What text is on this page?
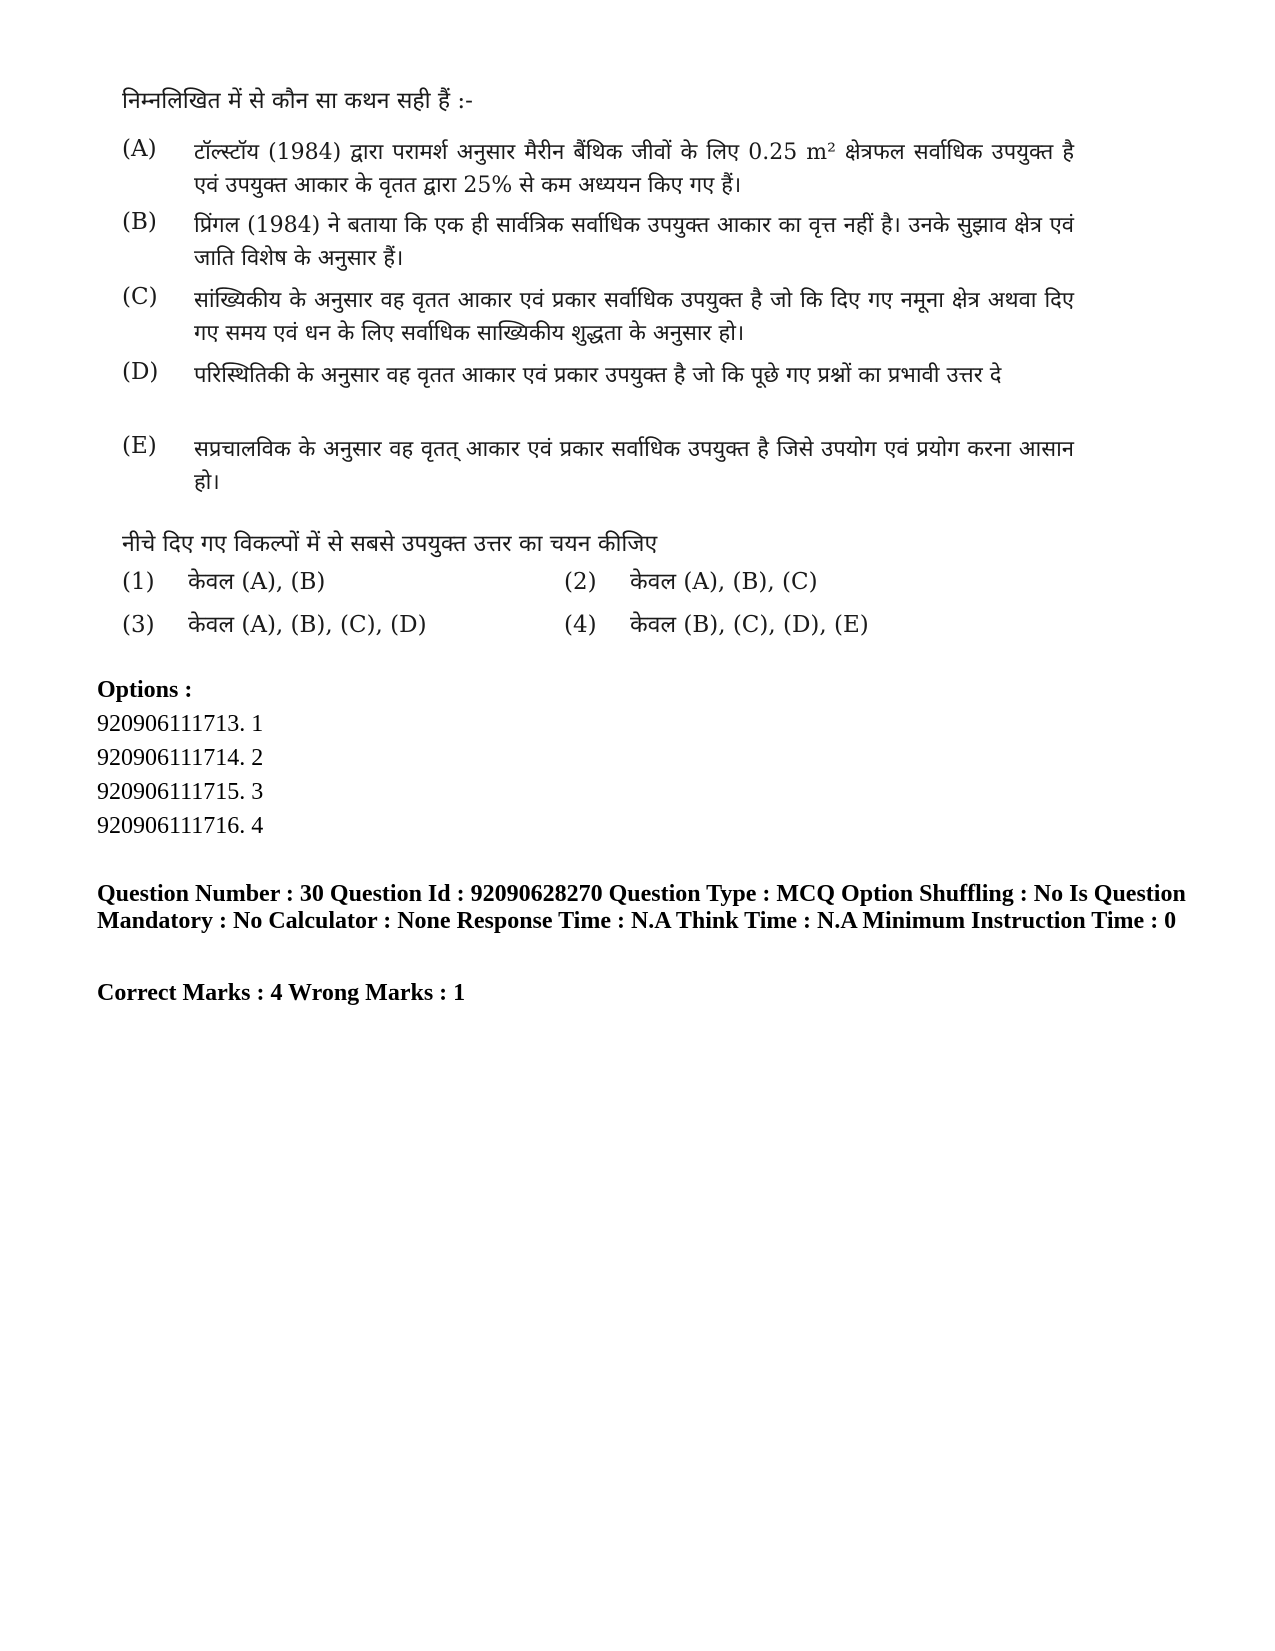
निम्नलिखित में से कौन सा कथन सही हैं :-
(A) टॉल्स्टॉय (1984) द्वारा परामर्श अनुसार मैरीन बैंथिक जीवों के लिए 0.25 m² क्षेत्रफल सर्वाधिक उपयुक्त है एवं उपयुक्त आकार के वृतत द्वारा 25% से कम अध्ययन किए गए हैं।
(B) प्रिंगल (1984) ने बताया कि एक ही सार्वत्रिक सर्वाधिक उपयुक्त आकार का वृत्त नहीं है। उनके सुझाव क्षेत्र एवं जाति विशेष के अनुसार हैं।
(C) सांख्यिकीय के अनुसार वह वृतत आकार एवं प्रकार सर्वाधिक उपयुक्त है जो कि दिए गए नमूना क्षेत्र अथवा दिए गए समय एवं धन के लिए सर्वाधिक साख्यिकीय शुद्धता के अनुसार हो।
(D) परिस्थितिकी के अनुसार वह वृतत आकार एवं प्रकार उपयुक्त है जो कि पूछे गए प्रश्नों का प्रभावी उत्तर दे
(E) सप्रचालविक के अनुसार वह वृतत् आकार एवं प्रकार सर्वाधिक उपयुक्त है जिसे उपयोग एवं प्रयोग करना आसान हो।
नीचे दिए गए विकल्पों में से सबसे उपयुक्त उत्तर का चयन कीजिए
(1) केवल (A), (B)	(2) केवल (A), (B), (C)
(3) केवल (A), (B), (C), (D)	(4) केवल (B), (C), (D), (E)
Options :
920906111713. 1
920906111714. 2
920906111715. 3
920906111716. 4
Question Number : 30 Question Id : 92090628270 Question Type : MCQ Option Shuffling : No Is Question Mandatory : No Calculator : None Response Time : N.A Think Time : N.A Minimum Instruction Time : 0
Correct Marks : 4 Wrong Marks : 1
